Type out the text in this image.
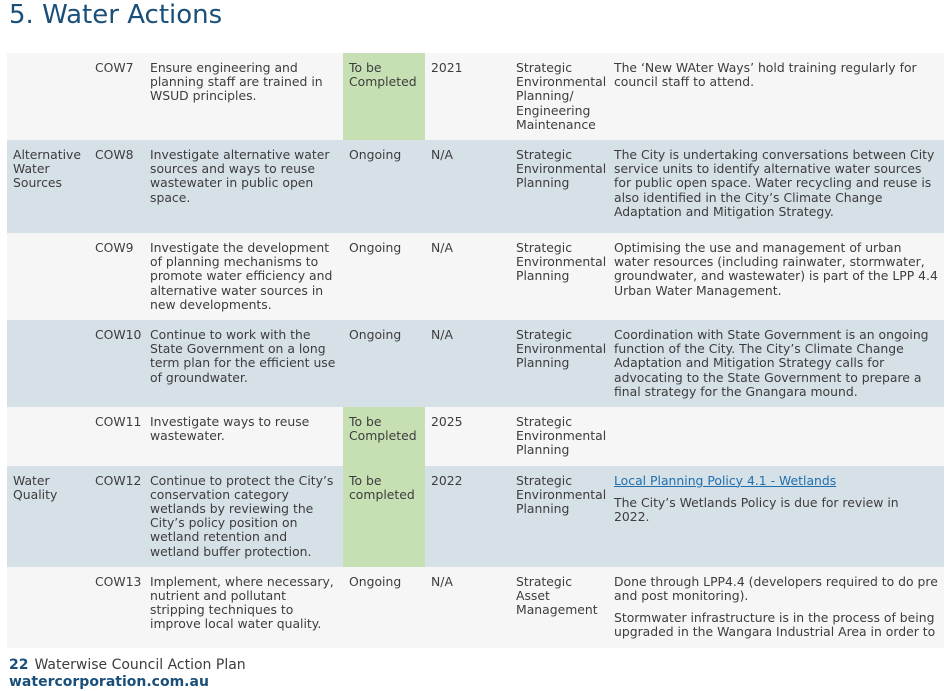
5. Water Actions
	COW7	Ensure engineering and planning staff are trained in WSUD principles.	To be Completed	2021	Strategic Environmental Planning/ Engineering Maintenance	The ‘New WAter Ways’ hold training regularly for council staff to attend.

Alternative Water Sources	COW8	Investigate alternative water sources and ways to reuse wastewater in public open space.	Ongoing	N/A	Strategic Environmental Planning	The City is undertaking conversations between City service units to identify alternative water sources for public open space. Water recycling and reuse is also identified in the City’s Climate Change Adaptation and Mitigation Strategy.

	COW9	Investigate the development of planning mechanisms to promote water efficiency and alternative water sources in new developments.	Ongoing	N/A	Strategic Environmental Planning	Optimising the use and management of urban water resources (including rainwater, stormwater, groundwater, and wastewater) is part of the LPP 4.4 Urban Water Management.

	COW10	Continue to work with the State Government on a long term plan for the efficient use of groundwater.	Ongoing	N/A	Strategic Environmental Planning	Coordination with State Government is an ongoing function of the City. The City’s Climate Change Adaptation and Mitigation Strategy calls for advocating to the State Government to prepare a final strategy for the Gnangara mound.

	COW11	Investigate ways to reuse wastewater.	To be Completed	2025	Strategic Environmental Planning	
Water Quality	COW12	Continue to protect the City’s conservation category wetlands by reviewing the City’s policy position on wetland retention and wetland buffer protection.	To be completed	2022	Strategic Environmental Planning	Local Planning Policy 4.1 - Wetlands
The City’s Wetlands Policy is due for review in 2022.

	COW13	Implement, where necessary, nutrient and pollutant stripping techniques to improve local water quality.	Ongoing	N/A	Strategic Asset Management	Done through LPP4.4 (developers required to do pre and post monitoring).
Stormwater infrastructure is in the process of being upgraded in the Wangara Industrial Area in order to
22 Waterwise Council Action Plan
watercorporation.com.au
